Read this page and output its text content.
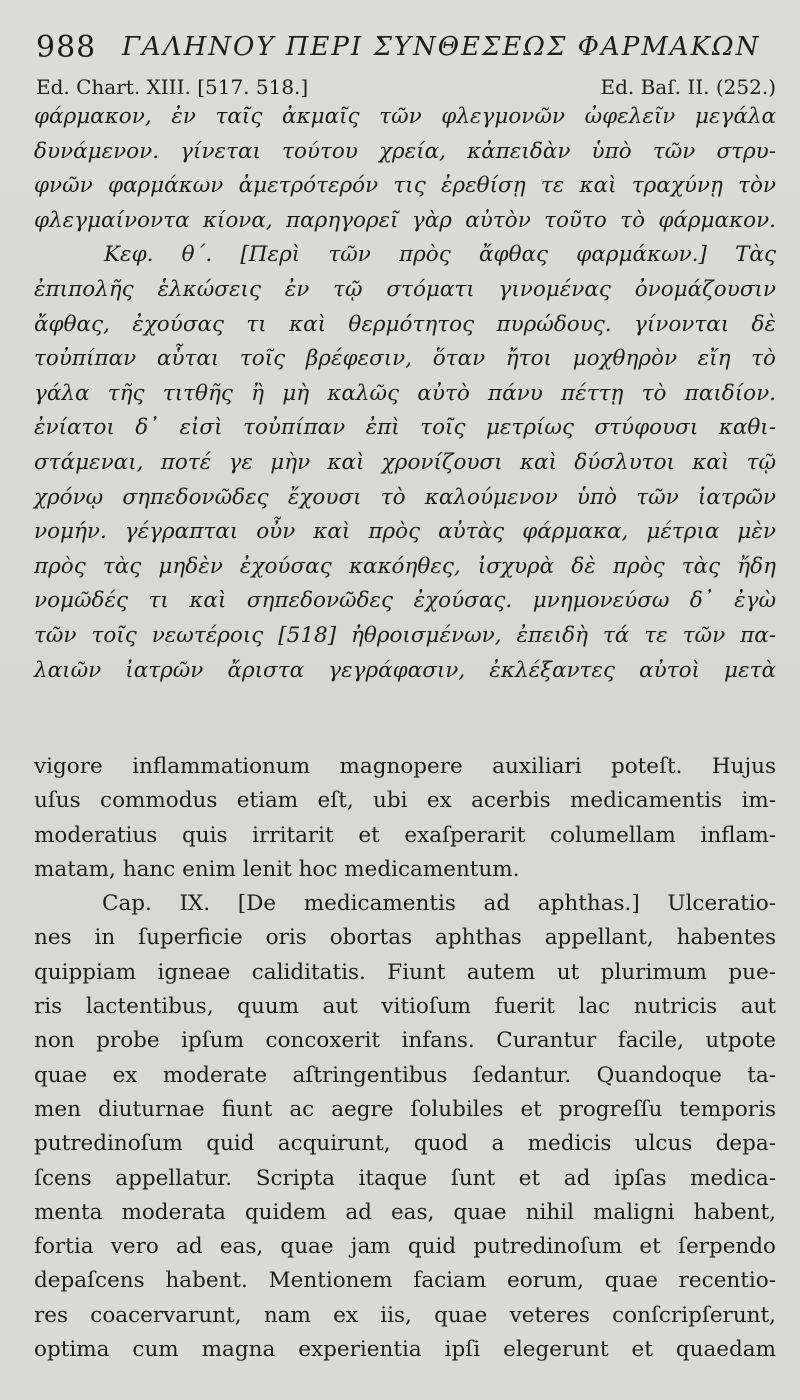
988 ΓΑΛΗΝΟΥ ΠΕΡΙ ΣΥΝΘΕΣΕΩΣ ΦΑΡΜΑΚΩΝ
Ed. Chart. XIII. [517. 518.]	Ed. Baſ. II. (252.)
φάρμακον, ἐν ταῖς ἀκμαῖς τῶν φλεγμονῶν ὠφελεῖν μεγάλα
δυνάμενον. γίνεται τούτου χρεία, κἀπειδὰν ὑπὸ τῶν στρυ-
φνῶν φαρμάκων ἀμετρότερόν τις ἐρεθίσῃ τε καὶ τραχύνῃ τὸν
φλεγμαίνοντα κίονα, παρηγορεῖ γὰρ αὐτὸν τοῦτο τὸ φάρμακον.
Κεφ. θ΄. [Περὶ τῶν πρὸς ἄφθας φαρμάκων.] Τὰς
ἐπιπολῆς ἑλκώσεις ἐν τῷ στόματι γινομένας ὀνομάζουσιν
ἄφθας, ἐχούσας τι καὶ θερμότητος πυρώδους. γίνονται δὲ
τοὐπίπαν αὗται τοῖς βρέφεσιν, ὅταν ἤτοι μοχθηρὸν εἴη τὸ
γάλα τῆς τιτθῆς ἢ μὴ καλῶς αὐτὸ πάνυ πέττῃ τὸ παιδίον.
ἐνίατοι δ᾽ εἰσὶ τοὐπίπαν ἐπὶ τοῖς μετρίως στύφουσι καθι-
στάμεναι, ποτέ γε μὴν καὶ χρονίζουσι καὶ δύσλυτοι καὶ τῷ
χρόνῳ σηπεδονῶδες ἔχουσι τὸ καλούμενον ὑπὸ τῶν ἰατρῶν
νομήν. γέγραπται οὖν καὶ πρὸς αὐτὰς φάρμακα, μέτρια μὲν
πρὸς τὰς μηδὲν ἐχούσας κακόηθες, ἰσχυρὰ δὲ πρὸς τὰς ἤδη
νομῶδές τι καὶ σηπεδονῶδες ἐχούσας. μνημονεύσω δ᾽ ἐγὼ
τῶν τοῖς νεωτέροις [518] ἠθροισμένων, ἐπειδὴ τά τε τῶν πα-
λαιῶν ἰατρῶν ἄριστα γεγράφασιν, ἐκλέξαντες αὐτοὶ μετὰ
vigore inflammationum magnopere auxiliari poteſt. Hujus
uſus commodus etiam eſt, ubi ex acerbis medicamentis im-
moderatius quis irritarit et exaſperarit columellam inflam-
matam, hanc enim lenit hoc medicamentum.
Cap. IX. [De medicamentis ad aphthas.] Ulceratio-
nes in ſuperficie oris obortas aphthas appellant, habentes
quippiam igneae caliditatis. Fiunt autem ut plurimum pue-
ris lactentibus, quum aut vitioſum fuerit lac nutricis aut
non probe ipſum concoxerit infans. Curantur facile, utpote
quae ex moderate aſtringentibus ſedantur. Quandoque ta-
men diuturnae fiunt ac aegre ſolubiles et progreſſu temporis
putredinoſum quid acquirunt, quod a medicis ulcus depa-
ſcens appellatur. Scripta itaque ſunt et ad ipſas medica-
menta moderata quidem ad eas, quae nihil maligni habent,
fortia vero ad eas, quae jam quid putredinoſum et ſerpendo
depaſcens habent. Mentionem faciam eorum, quae recentio-
res coacervarunt, nam ex iis, quae veteres conſcripſerunt,
optima cum magna experientia ipſi elegerunt et quaedam
